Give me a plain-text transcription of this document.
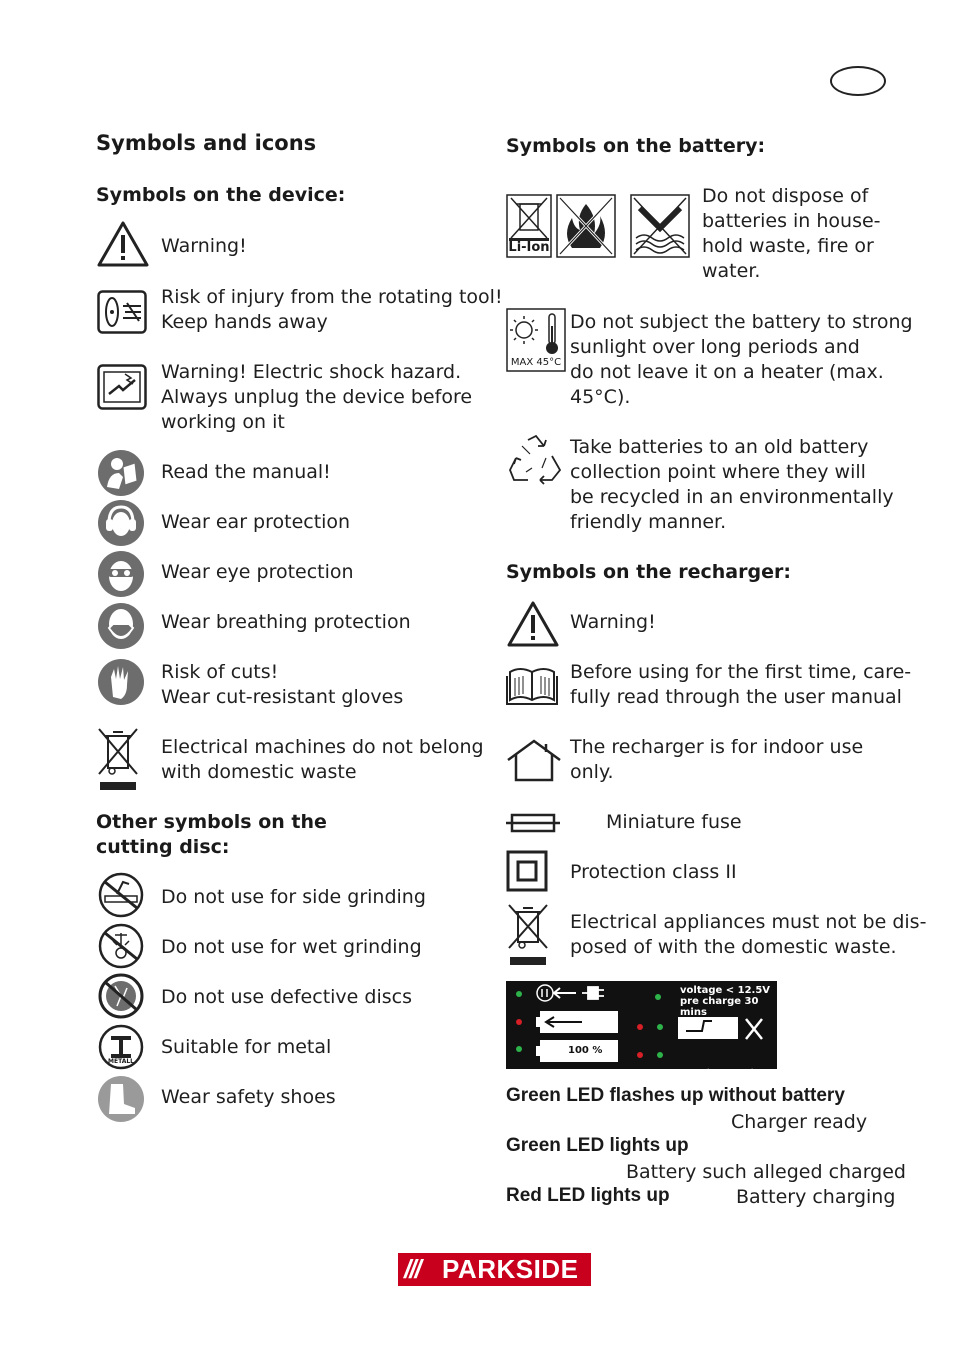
Symbols and icons
Symbols on the device:
Warning!
Risk of injury from the rotating tool!
Keep hands away
Warning! Electric shock hazard.
Always unplug the device before
working on it
Read the manual!
Wear ear protection
Wear eye protection
Wear breathing protection
Risk of cuts!
Wear cut-resistant gloves
Electrical machines do not belong
with domestic waste
Other symbols on the
cutting disc:
METALL
Do not use for side grinding
Do not use for wet grinding
Do not use defective discs
Suitable for metal
Wear safety shoes
Symbols on the battery:
Li-Ion
MAX 45°C
Do not dispose of
batteries in house-
hold waste, fire or
water.
Do not subject the battery to strong
sunlight over long periods and
do not leave it on a heater (max.
45°C).
Take batteries to an old battery
collection point where they will
be recycled in an environmentally
friendly manner.
Symbols on the recharger:
Warning!
Before using for the first time, care-
fully read through the user manual
The recharger is for indoor use
only.
Miniature fuse
Protection class II
Electrical appliances must not be dis-
posed of with the domestic waste.
voltage < 12.5V
pre charge 30 mins
100 %

<   0° C /  32° F

> 50° C / 122° F

Green LED flashes up without battery
Charger ready
Green LED lights up
Battery such alleged charged
Red LED lights up	Battery charging
/// PARKSIDE
